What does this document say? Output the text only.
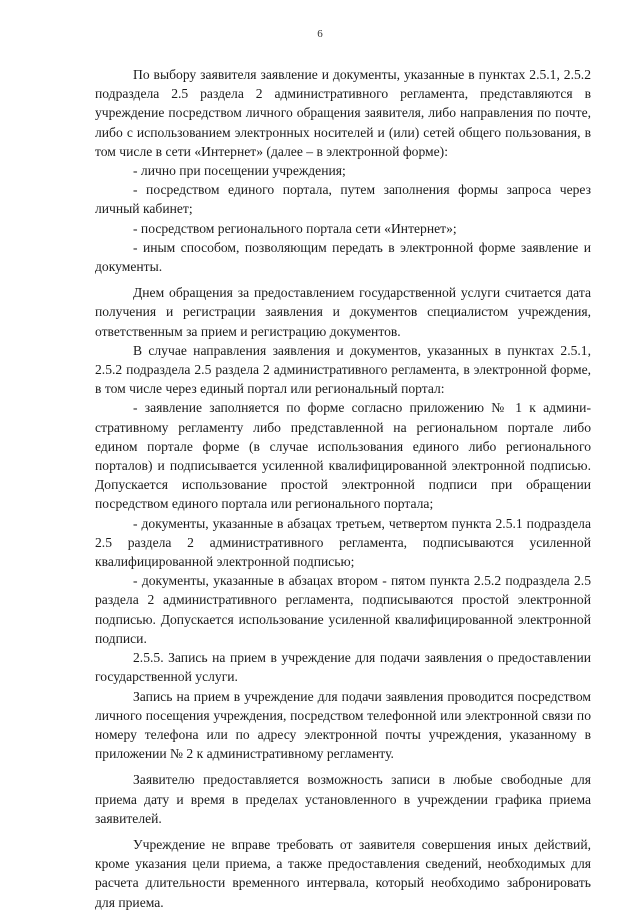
6

По выбору заявителя заявление и документы, указанные в пунктах 2.5.1, 2.5.2 подраздела 2.5 раздела 2 административного регламента, представляются в учреждение посредством личного обращения заявителя, либо направления по почте, либо с использованием электронных носителей и (или) сетей общего пользования, в том числе в сети «Интернет» (далее – в электронной форме):

- лично при посещении учреждения;

- посредством единого портала, путем заполнения формы запроса через личный кабинет;

- посредством регионального портала сети «Интернет»;

- иным способом, позволяющим передать в электронной форме заявление и документы.

Днем обращения за предоставлением государственной услуги считается дата получения и регистрации заявления и документов специалистом учреждения, ответственным за прием и регистрацию документов.

В случае направления заявления и документов, указанных в пунктах 2.5.1, 2.5.2 подраздела 2.5 раздела 2 административного регламента, в электронной форме, в том числе через единый портал или региональный портал:

- заявление заполняется по форме согласно приложению № 1 к административному регламенту либо представленной на региональном портале либо едином портале форме (в случае использования единого либо регионального порталов) и подписывается усиленной квалифицированной электронной подписью. Допускается использование простой электронной подписи при обращении посредством единого портала или регионального портала;

- документы, указанные в абзацах третьем, четвертом пункта 2.5.1 подраздела 2.5 раздела 2 административного регламента, подписываются усиленной квалифицированной электронной подписью;

- документы, указанные в абзацах втором - пятом пункта 2.5.2 подраздела 2.5 раздела 2 административного регламента, подписываются простой электронной подписью. Допускается использование усиленной квалифицированной электронной подписи.

2.5.5. Запись на прием в учреждение для подачи заявления о предоставлении государственной услуги.

Запись на прием в учреждение для подачи заявления проводится посредством личного посещения учреждения, посредством телефонной или электронной связи по номеру телефона или по адресу электронной почты учреждения, указанному в приложении № 2 к административному регламенту.

Заявителю предоставляется возможность записи в любые свободные для приема дату и время в пределах установленного в учреждении графика приема заявителей.

Учреждение не вправе требовать от заявителя совершения иных действий, кроме указания цели приема, а также предоставления сведений, необходимых для расчета длительности временного интервала, который необходимо забронировать для приема.
